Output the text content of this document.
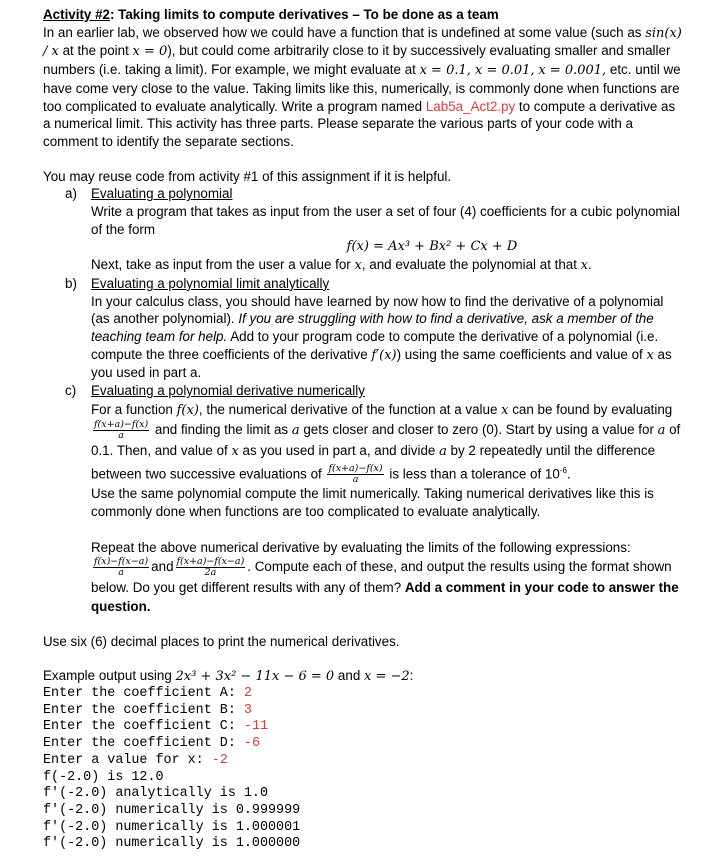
Activity #2: Taking limits to compute derivatives – To be done as a team

In an earlier lab, we observed how we could have a function that is undefined at some value (such as sin(x) / x at the point x = 0), but could come arbitrarily close to it by successively evaluating smaller and smaller numbers (i.e. taking a limit). For example, we might evaluate at x = 0.1, x = 0.01, x = 0.001, etc. until we have come very close to the value. Taking limits like this, numerically, is commonly done when functions are too complicated to evaluate analytically. Write a program named Lab5a_Act2.py to compute a derivative as a numerical limit. This activity has three parts. Please separate the various parts of your code with a comment to identify the separate sections.

You may reuse code from activity #1 of this assignment if it is helpful.

a) Evaluating a polynomial

Write a program that takes as input from the user a set of four (4) coefficients for a cubic polynomial of the form

f(x) = Ax³ + Bx² + Cx + D

Next, take as input from the user a value for x, and evaluate the polynomial at that x.

b) Evaluating a polynomial limit analytically

In your calculus class, you should have learned by now how to find the derivative of a polynomial (as another polynomial). If you are struggling with how to find a derivative, ask a member of the teaching team for help. Add to your program code to compute the derivative of a polynomial (i.e. compute the three coefficients of the derivative f′(x)) using the same coefficients and value of x as you used in part a.

c) Evaluating a polynomial derivative numerically

For a function f(x), the numerical derivative of the function at a value x can be found by evaluating
$\frac{f(x+a)-f(x)}{a}$ and finding the limit as a gets closer and closer to zero (0). Start by using a value for a of 0.1. Then, and value of x as you used in part a, and divide a by 2 repeatedly until the difference between two successive evaluations of $\frac{f(x+a)-f(x)}{a}$ is less than a tolerance of $10^{-6}$.

Use the same polynomial compute the limit numerically. Taking numerical derivatives like this is commonly done when functions are too complicated to evaluate analytically.

Repeat the above numerical derivative by evaluating the limits of the following expressions:
$\frac{f(x)-f(x-a)}{a}$ and $\frac{f(x+a)-f(x-a)}{2a}$ . Compute each of these, and output the results using the format shown below. Do you get different results with any of them? Add a comment in your code to answer the question.

Use six (6) decimal places to print the numerical derivatives.

Example output using 2x³ + 3x² − 11x − 6 = 0 and x = −2:

Enter the coefficient A: 2
Enter the coefficient B: 3
Enter the coefficient C: -11
Enter the coefficient D: -6
Enter a value for x: -2
f(-2.0) is 12.0
f'(-2.0) analytically is 1.0
f'(-2.0) numerically is 0.999999
f'(-2.0) numerically is 1.000001
f'(-2.0) numerically is 1.000000
